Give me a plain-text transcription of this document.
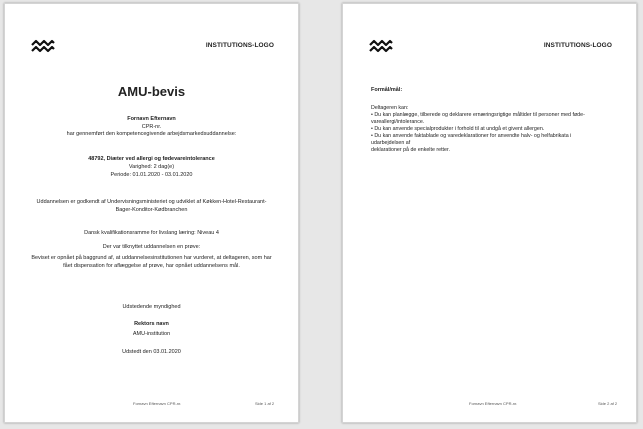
INSTITUTIONS-LOGO
AMU-bevis
Fornavn Efternavn
CPR-nr.
har gennemført den kompetencegivende arbejdsmarkedsuddannelse:
48792, Diæter ved allergi og fødevareintolerance
Varighed: 2 dag(e)
Periode: 01.01.2020 - 03.01.2020
Uddannelsen er godkendt af Undervisningsministeriet og udviklet af Køkken-Hotel-Restaurant-Bager-Konditor-Kødbranchen
Dansk kvalifikationsramme for livslang læring: Niveau 4
Der var tilknyttet uddannelsen en prøve:
Beviset er opnået på baggrund af, at uddannelsesinstitutionen har vurderet, at deltageren, som har fået dispensation for aflæggelse af prøve, har opnået uddannelsens mål.
Udstedende myndighed
Rektors navn
AMU-institution
Udstedt den 03.01.2020
Fornavn Efternavn CPR-nr.	Side 1 af 2
INSTITUTIONS-LOGO
Formål/mål:
Deltageren kan:
• Du kan planlægge, tilberede og deklarere ernæringsrigtige måltider til personer med føde-vareallergi/intolerance.
• Du kan anvende specialprodukter i forhold til at undgå et givent allergen.
• Du kan anvende faktablade og varedeklarationer for anvendte halv- og helfabrikata i udarbejdelsen af
deklarationer på de enkelte retter.
Fornavn Efternavn CPR-nr.	Side 2 af 2
